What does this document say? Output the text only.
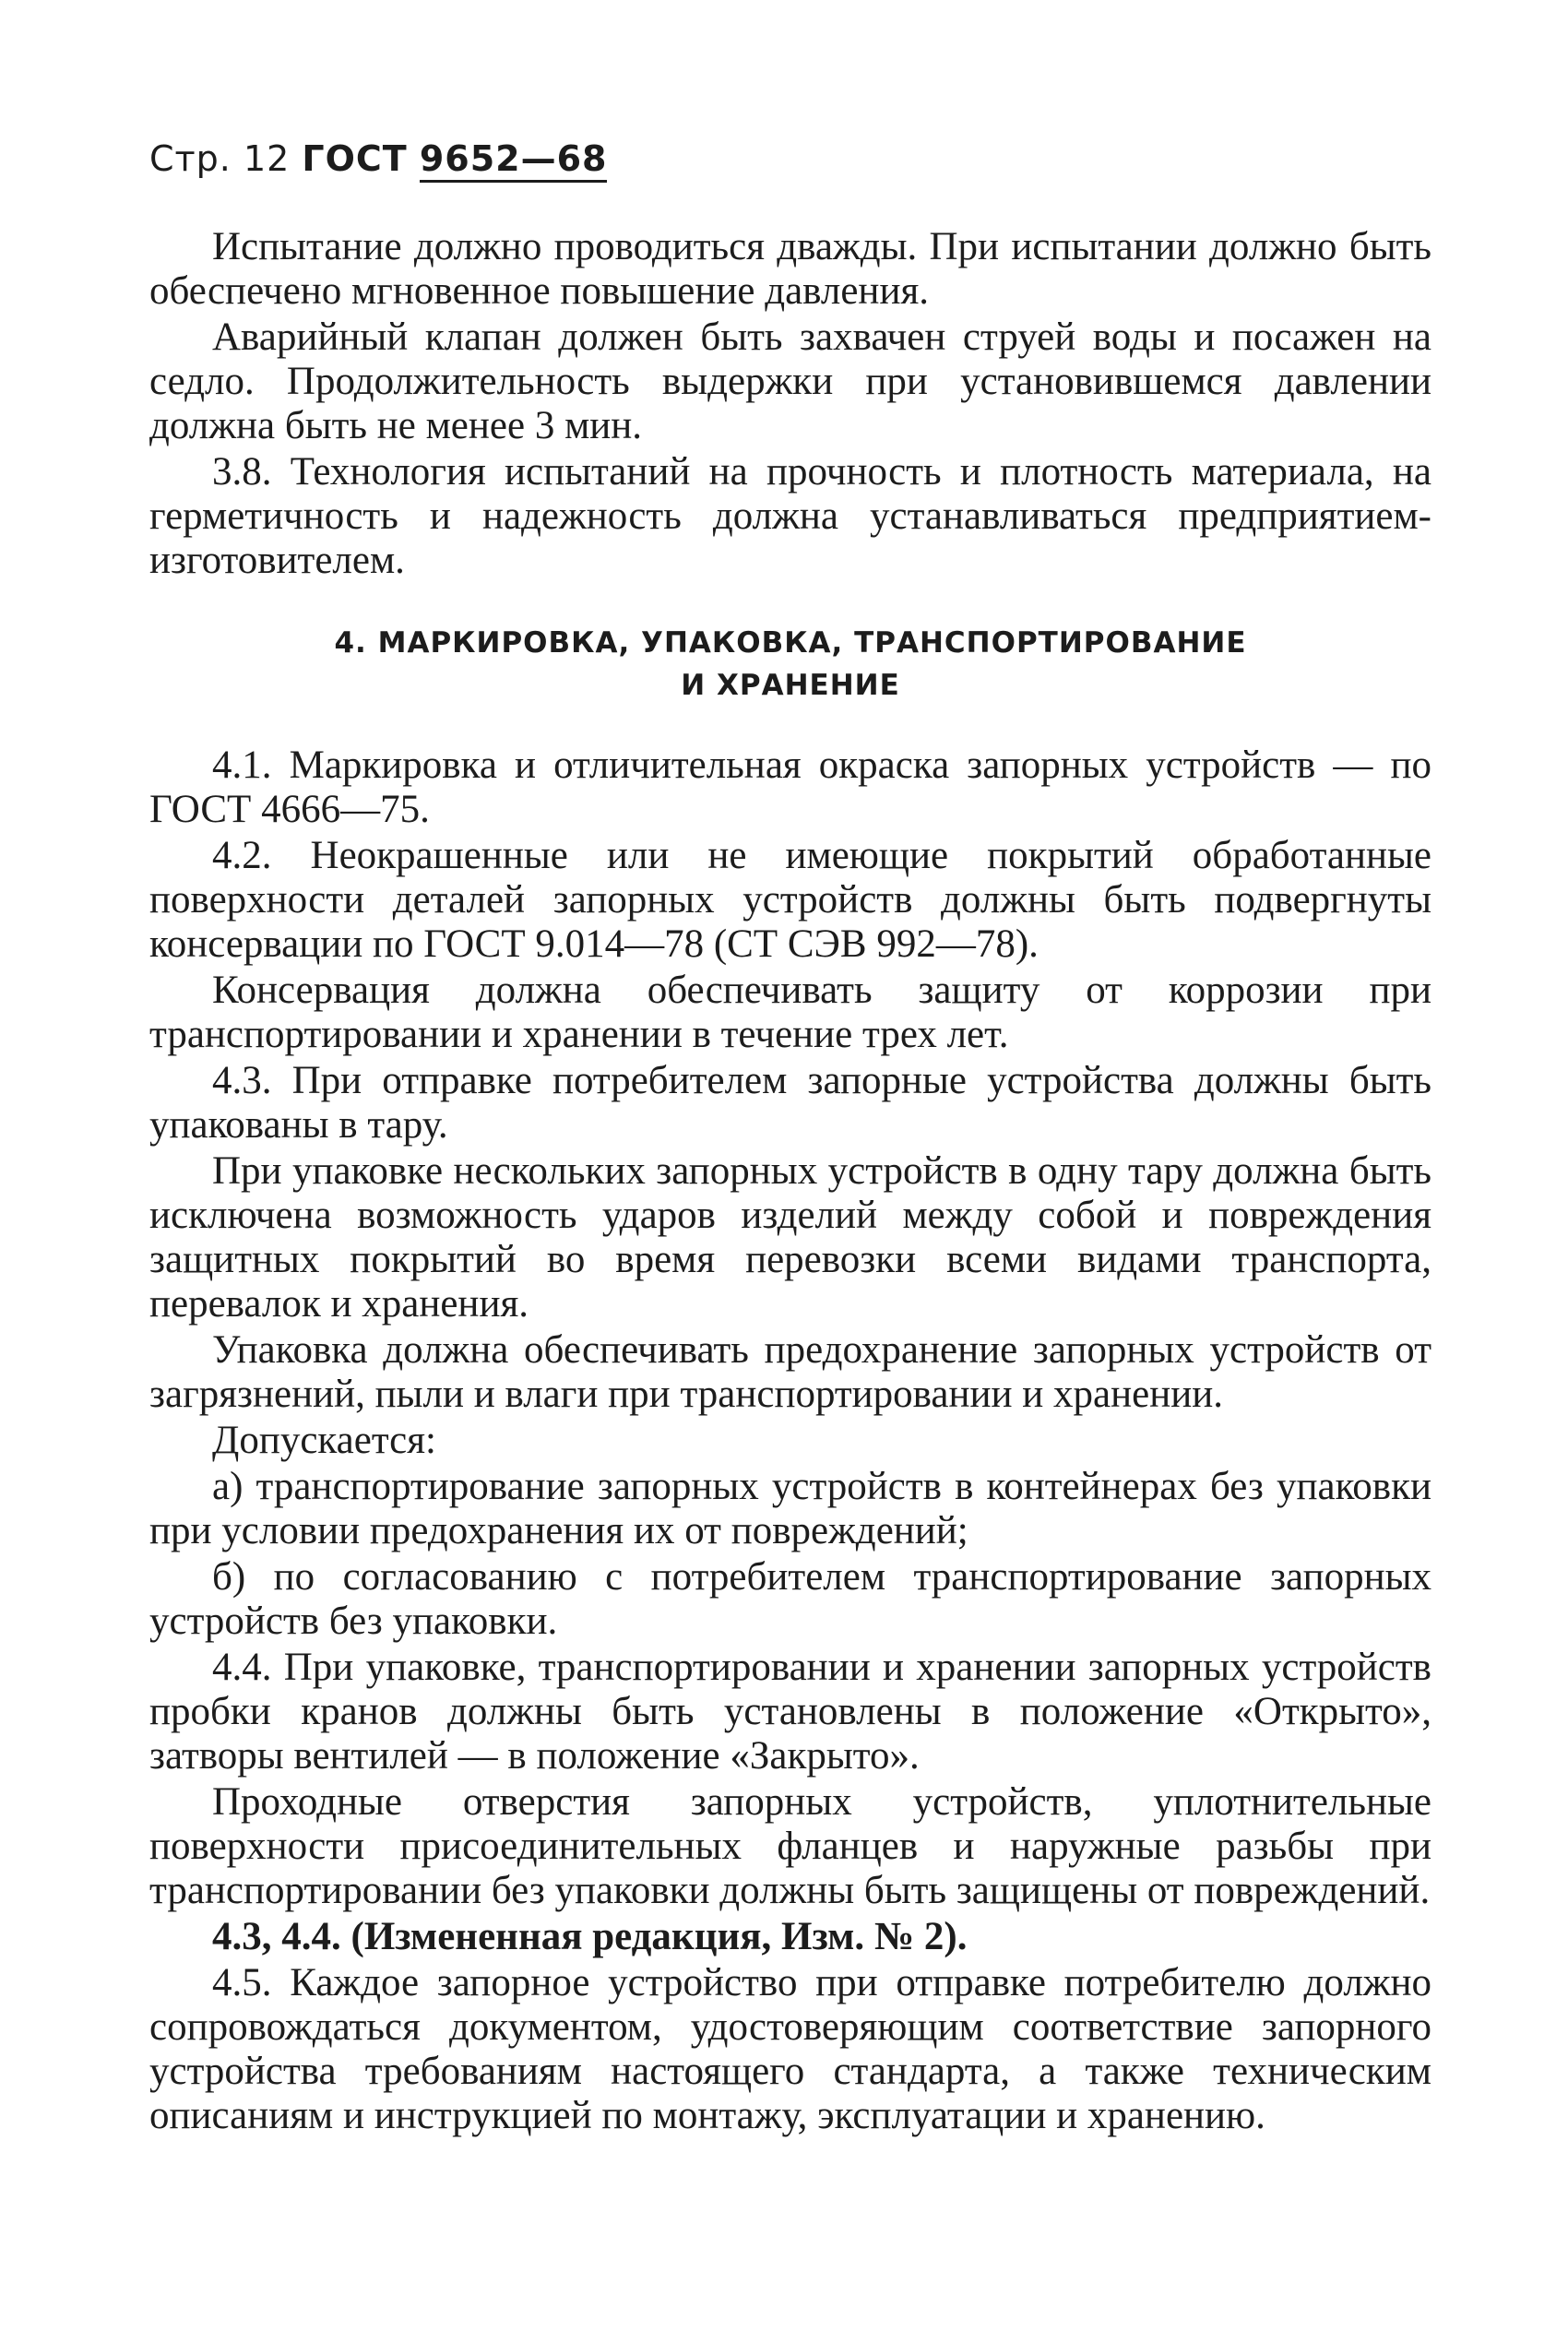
Стр. 12 ГОСТ 9652—68

Испытание должно проводиться дважды. При испытании должно быть обеспечено мгновенное повышение давления.

Аварийный клапан должен быть захвачен струей воды и посажен на седло. Продолжительность выдержки при установившемся давлении должна быть не менее 3 мин.

3.8. Технология испытаний на прочность и плотность материала, на герметичность и надежность должна устанавливаться предприятием-изготовителем.

4. МАРКИРОВКА, УПАКОВКА, ТРАНСПОРТИРОВАНИЕ
И ХРАНЕНИЕ

4.1. Маркировка и отличительная окраска запорных устройств — по ГОСТ 4666—75.

4.2. Неокрашенные или не имеющие покрытий обработанные поверхности деталей запорных устройств должны быть подвергнуты консервации по ГОСТ 9.014—78 (СТ СЭВ 992—78).

Консервация должна обеспечивать защиту от коррозии при транспортировании и хранении в течение трех лет.

4.3. При отправке потребителем запорные устройства должны быть упакованы в тару.

При упаковке нескольких запорных устройств в одну тару должна быть исключена возможность ударов изделий между собой и повреждения защитных покрытий во время перевозки всеми видами транспорта, перевалок и хранения.

Упаковка должна обеспечивать предохранение запорных устройств от загрязнений, пыли и влаги при транспортировании и хранении.

Допускается:

а) транспортирование запорных устройств в контейнерах без упаковки при условии предохранения их от повреждений;

б) по согласованию с потребителем транспортирование запорных устройств без упаковки.

4.4. При упаковке, транспортировании и хранении запорных устройств пробки кранов должны быть установлены в положение «Открыто», затворы вентилей — в положение «Закрыто».

Проходные отверстия запорных устройств, уплотнительные поверхности присоединительных фланцев и наружные разьбы при транспортировании без упаковки должны быть защищены от повреждений.

4.3, 4.4. (Измененная редакция, Изм. № 2).

4.5. Каждое запорное устройство при отправке потребителю должно сопровождаться документом, удостоверяющим соответствие запорного устройства требованиям настоящего стандарта, а также техническим описаниям и инструкцией по монтажу, эксплуатации и хранению.
